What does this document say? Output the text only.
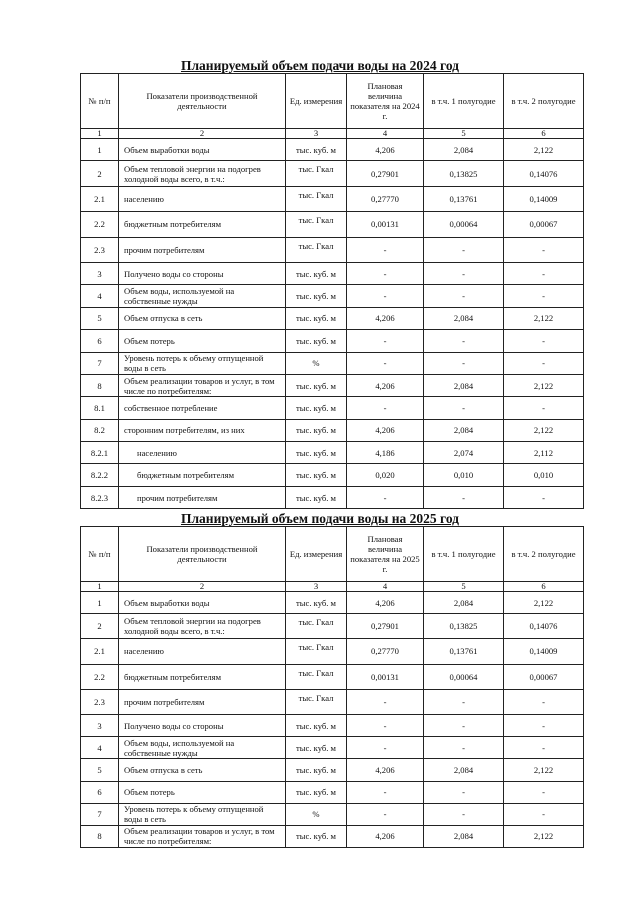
Планируемый объем подачи воды на 2024 год
№ п/п	Показатели производственной деятельности	Ед. измерения	Плановая величина показателя на 2024 г.	в т.ч. 1 полугодие	в т.ч. 2 полугодие
1	2	3	4	5	6
1	Объем выработки воды	тыс. куб. м	4,206	2,084	2,122
2	Объем тепловой энергии на подогрев холодной воды всего, в т.ч.:	тыс. Гкал	0,27901	0,13825	0,14076
2.1	населению	тыс. Гкал	0,27770	0,13761	0,14009
2.2	бюджетным потребителям	тыс. Гкал	0,00131	0,00064	0,00067
2.3	прочим потребителям	тыс. Гкал	-	-	-
3	Получено воды со стороны	тыс. куб. м	-	-	-
4	Объем воды, используемой на собственные нужды	тыс. куб. м	-	-	-
5	Объем отпуска в сеть	тыс. куб. м	4,206	2,084	2,122
6	Объем потерь	тыс. куб. м	-	-	-
7	Уровень потерь к объему отпущенной воды в сеть	%	-	-	-
8	Объем реализации товаров и услуг, в том числе по потребителям:	тыс. куб. м	4,206	2,084	2,122
8.1	собственное потребление	тыс. куб. м	-	-	-
8.2	сторонним потребителям, из них	тыс. куб. м	4,206	2,084	2,122
8.2.1	населению	тыс. куб. м	4,186	2,074	2,112
8.2.2	бюджетным потребителям	тыс. куб. м	0,020	0,010	0,010
8.2.3	прочим потребителям	тыс. куб. м	-	-	-
Планируемый объем подачи воды на 2025 год
№ п/п	Показатели производственной деятельности	Ед. измерения	Плановая величина показателя на 2025 г.	в т.ч. 1 полугодие	в т.ч. 2 полугодие
1	2	3	4	5	6
1	Объем выработки воды	тыс. куб. м	4,206	2,084	2,122
2	Объем тепловой энергии на подогрев холодной воды всего, в т.ч.:	тыс. Гкал	0,27901	0,13825	0,14076
2.1	населению	тыс. Гкал	0,27770	0,13761	0,14009
2.2	бюджетным потребителям	тыс. Гкал	0,00131	0,00064	0,00067
2.3	прочим потребителям	тыс. Гкал	-	-	-
3	Получено воды со стороны	тыс. куб. м	-	-	-
4	Объем воды, используемой на собственные нужды	тыс. куб. м	-	-	-
5	Объем отпуска в сеть	тыс. куб. м	4,206	2,084	2,122
6	Объем потерь	тыс. куб. м	-	-	-
7	Уровень потерь к объему отпущенной воды в сеть	%	-	-	-
8	Объем реализации товаров и услуг, в том числе по потребителям:	тыс. куб. м	4,206	2,084	2,122
